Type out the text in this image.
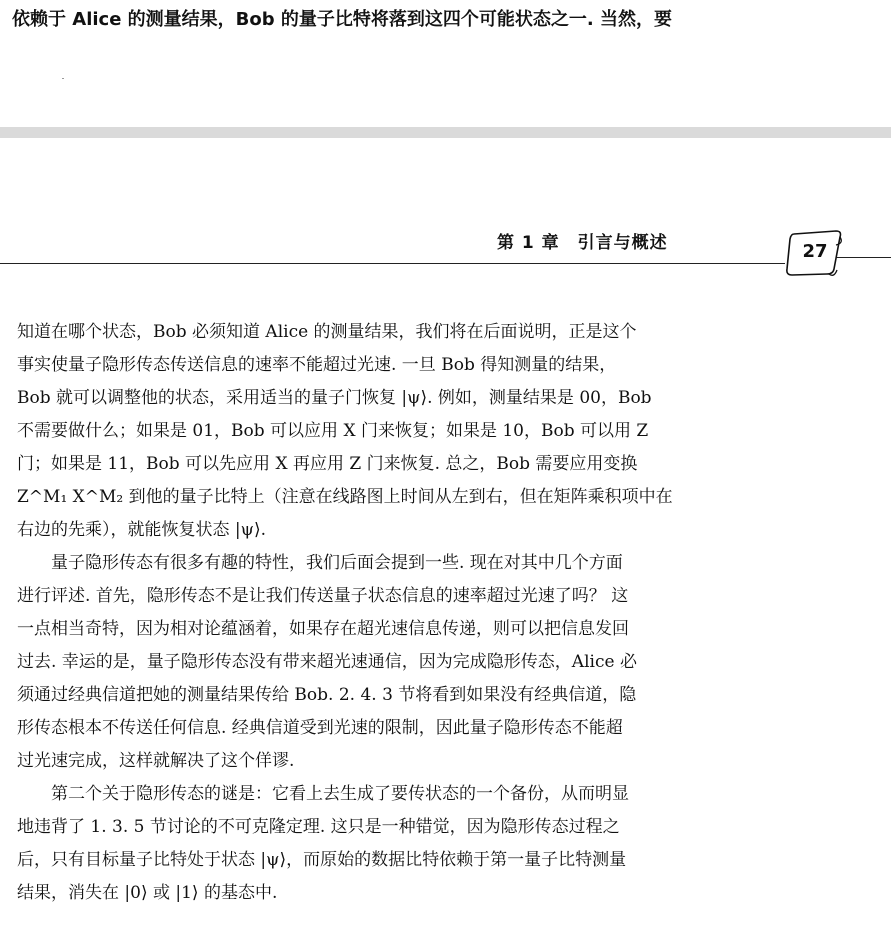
依赖于 Alice 的测量结果，Bob 的量子比特将落到这四个可能状态之一. 当然，要
第 1 章　引言与概述	27
知道在哪个状态，Bob 必须知道 Alice 的测量结果，我们将在后面说明，正是这个
事实使量子隐形传态传送信息的速率不能超过光速. 一旦 Bob 得知测量的结果，
Bob 就可以调整他的状态，采用适当的量子门恢复 |ψ⟩. 例如，测量结果是 00，Bob
不需要做什么；如果是 01，Bob 可以应用 X 门来恢复；如果是 10，Bob 可以用 Z
门；如果是 11，Bob 可以先应用 X 再应用 Z 门来恢复. 总之，Bob 需要应用变换
Z^M₁ X^M₂ 到他的量子比特上（注意在线路图上时间从左到右，但在矩阵乘积项中在
右边的先乘），就能恢复状态 |ψ⟩.
量子隐形传态有很多有趣的特性，我们后面会提到一些. 现在对其中几个方面
进行评述. 首先，隐形传态不是让我们传送量子状态信息的速率超过光速了吗？ 这
一点相当奇特，因为相对论蕴涵着，如果存在超光速信息传递，则可以把信息发回
过去. 幸运的是，量子隐形传态没有带来超光速通信，因为完成隐形传态，Alice 必
须通过经典信道把她的测量结果传给 Bob. 2. 4. 3 节将看到如果没有经典信道，隐
形传态根本不传送任何信息. 经典信道受到光速的限制，因此量子隐形传态不能超
过光速完成，这样就解决了这个佯谬.
第二个关于隐形传态的谜是：它看上去生成了要传状态的一个备份，从而明显
地违背了 1. 3. 5 节讨论的不可克隆定理. 这只是一种错觉，因为隐形传态过程之
后，只有目标量子比特处于状态 |ψ⟩，而原始的数据比特依赖于第一量子比特测量
结果，消失在 |0⟩ 或 |1⟩ 的基态中.
